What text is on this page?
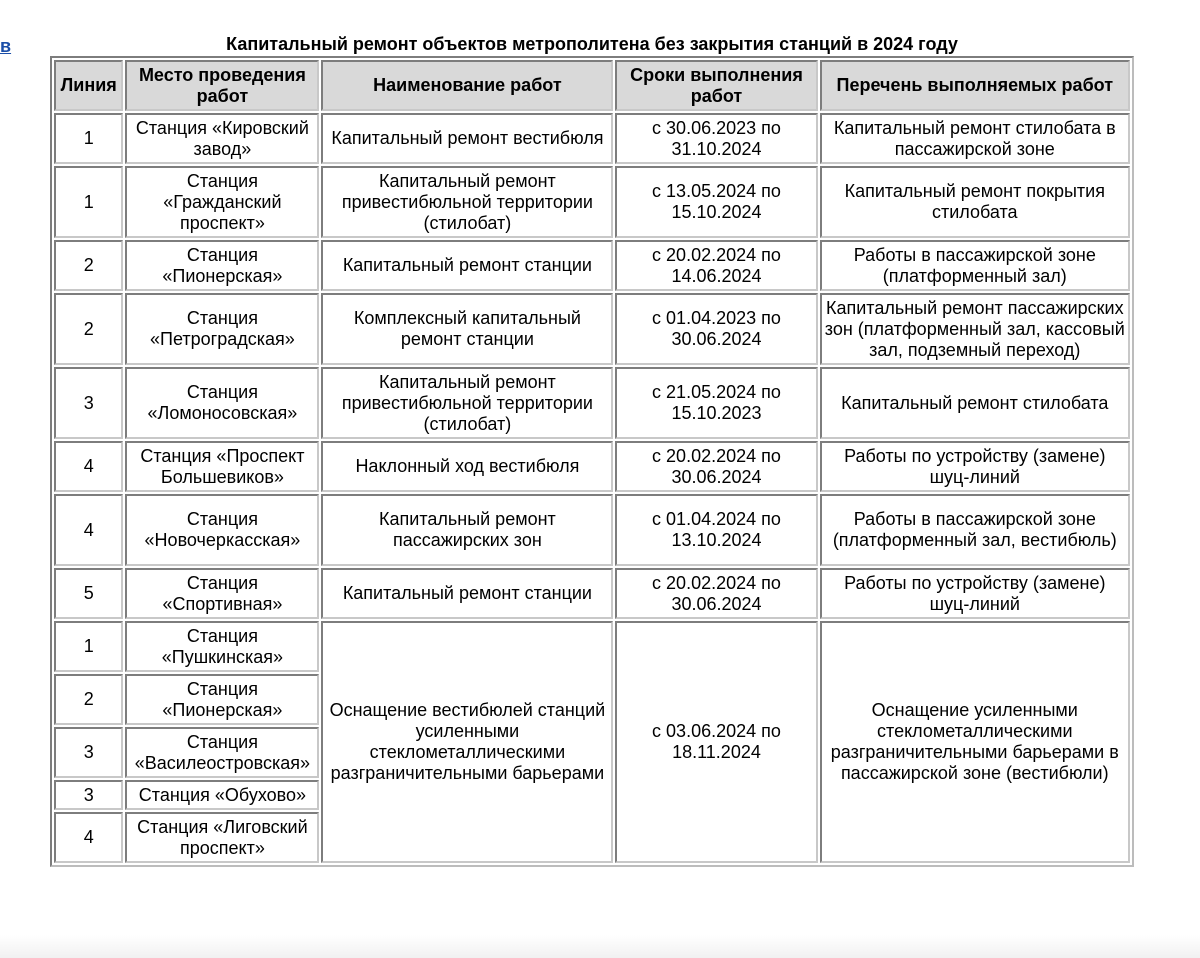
в	Капитальный ремонт объектов метрополитена без закрытия станций в 2024 году
Линия	Место проведения работ	Наименование работ	Сроки выполнения работ	Перечень выполняемых работ
1	Станция «Кировский завод»	Капитальный ремонт вестибюля	с 30.06.2023 по 31.10.2024	Капитальный ремонт стилобата в пассажирской зоне
1	Станция «Гражданский проспект»	Капитальный ремонт привестибюльной территории (стилобат)	с 13.05.2024 по 15.10.2024	Капитальный ремонт покрытия стилобата
2	Станция «Пионерская»	Капитальный ремонт станции	с 20.02.2024 по 14.06.2024	Работы в пассажирской зоне (платформенный зал)
2	Станция «Петроградская»	Комплексный капитальный ремонт станции	с 01.04.2023 по 30.06.2024	Капитальный ремонт пассажирских зон (платформенный зал, кассовый зал, подземный переход)
3	Станция «Ломоносовская»	Капитальный ремонт привестибюльной территории (стилобат)	с 21.05.2024 по 15.10.2023	Капитальный ремонт стилобата
4	Станция «Проспект Большевиков»	Наклонный ход вестибюля	с 20.02.2024 по 30.06.2024	Работы по устройству (замене) шуц-линий
4	Станция «Новочеркасская»	Капитальный ремонт пассажирских зон	с 01.04.2024 по 13.10.2024	Работы в пассажирской зоне (платформенный зал, вестибюль)
5	Станция «Спортивная»	Капитальный ремонт станции	с 20.02.2024 по 30.06.2024	Работы по устройству (замене) шуц-линий
1	Станция «Пушкинская»	Оснащение вестибюлей станций усиленными стеклометаллическими разграничительными барьерами	с 03.06.2024 по 18.11.2024	Оснащение усиленными стеклометаллическими разграничительными барьерами в пассажирской зоне (вестибюли)
2	Станция «Пионерская»			
3	Станция «Василеостровская»			
3	Станция «Обухово»			
4	Станция «Лиговский проспект»			
